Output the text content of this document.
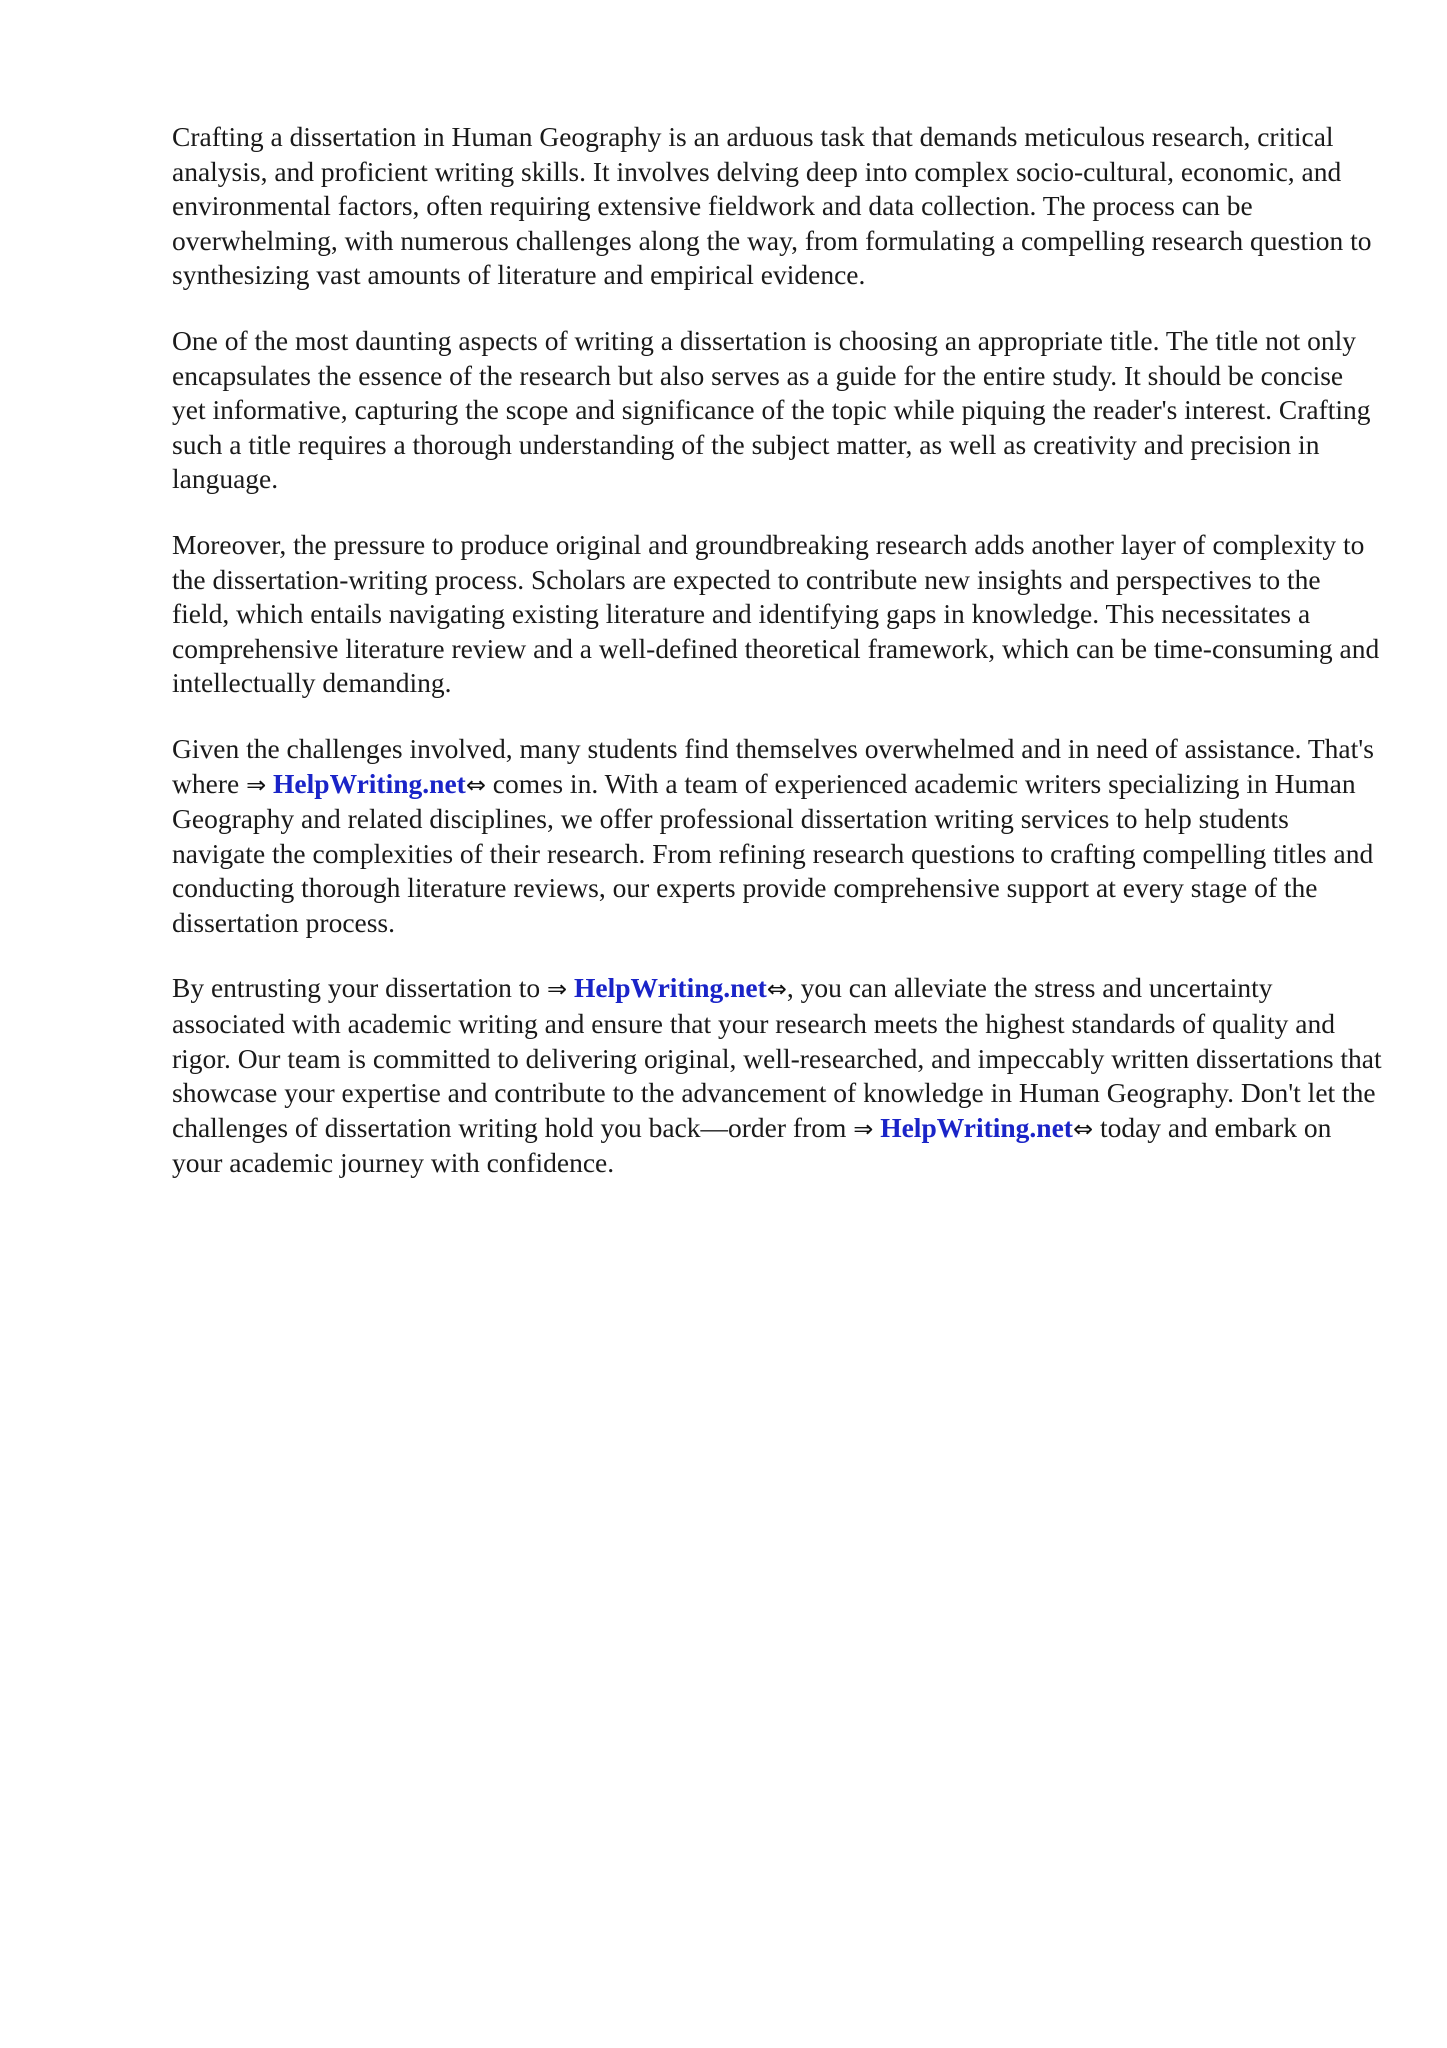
Crafting a dissertation in Human Geography is an arduous task that demands meticulous research, critical analysis, and proficient writing skills. It involves delving deep into complex socio-cultural, economic, and environmental factors, often requiring extensive fieldwork and data collection. The process can be overwhelming, with numerous challenges along the way, from formulating a compelling research question to synthesizing vast amounts of literature and empirical evidence.

One of the most daunting aspects of writing a dissertation is choosing an appropriate title. The title not only encapsulates the essence of the research but also serves as a guide for the entire study. It should be concise yet informative, capturing the scope and significance of the topic while piquing the reader's interest. Crafting such a title requires a thorough understanding of the subject matter, as well as creativity and precision in language.

Moreover, the pressure to produce original and groundbreaking research adds another layer of complexity to the dissertation-writing process. Scholars are expected to contribute new insights and perspectives to the field, which entails navigating existing literature and identifying gaps in knowledge. This necessitates a comprehensive literature review and a well-defined theoretical framework, which can be time-consuming and intellectually demanding.

Given the challenges involved, many students find themselves overwhelmed and in need of assistance. That's where ⇒ HelpWriting.net⇔ comes in. With a team of experienced academic writers specializing in Human Geography and related disciplines, we offer professional dissertation writing services to help students navigate the complexities of their research. From refining research questions to crafting compelling titles and conducting thorough literature reviews, our experts provide comprehensive support at every stage of the dissertation process.

By entrusting your dissertation to ⇒ HelpWriting.net⇔, you can alleviate the stress and uncertainty associated with academic writing and ensure that your research meets the highest standards of quality and rigor. Our team is committed to delivering original, well-researched, and impeccably written dissertations that showcase your expertise and contribute to the advancement of knowledge in Human Geography. Don't let the challenges of dissertation writing hold you back—order from ⇒ HelpWriting.net⇔ today and embark on your academic journey with confidence.
